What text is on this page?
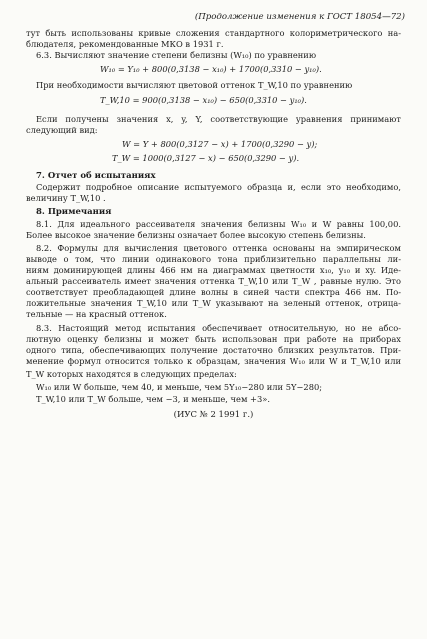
(Продолжение изменения к ГОСТ 18054—72)
тут быть использованы кривые сложения стандартного колориметрического на-
блюдателя, рекомендованные МКО в 1931 г.
6.3. Вычисляют значение степени белизны (W₁₀) по уравнению
W₁₀ = Y₁₀ + 800(0,3138 − x₁₀) + 1700(0,3310 − y₁₀).
При необходимости вычисляют цветовой оттенок T_W,10 по уравнению
T_W,10 = 900(0,3138 − x₁₀) − 650(0,3310 − y₁₀).
Если получены значения x, y, Y, соответствующие уравнения принимают
следующий вид:
W = Y + 800(0,3127 − x) + 1700(0,3290 − y);
T_W = 1000(0,3127 − x) − 650(0,3290 − y).
7. Отчет об испытаниях
Содержит подробное описание испытуемого образца и, если это необходимо,
величину T_W,10 .
8. Примечания
8.1. Для идеального рассеивателя значения белизны W₁₀ и W равны 100,00.
Более высокое значение белизны означает более высокую степень белизны.
8.2. Формулы для вычисления цветового оттенка основаны на эмпирическом
выводе о том, что линии одинакового тона приблизительно параллельны ли-
ниям доминирующей длины 466 нм на диаграммах цветности x₁₀, y₁₀ и xy. Иде-
альный рассеиватель имеет значения оттенка T_W,10 или T_W , равные нулю. Это
соответствует преобладающей длине волны в синей части спектра 466 нм. По-
ложительные значения T_W,10 или T_W указывают на зеленый оттенок, отрица-
тельные — на красный оттенок.
8.3. Настоящий метод испытания обеспечивает относительную, но не абсо-
лютную оценку белизны и может быть использован при работе на приборах
одного типа, обеспечивающих получение достаточно близких результатов. При-
менение формул относится только к образцам, значения W₁₀ или W и T_W,10 или
T_W которых находятся в следующих пределах:
W₁₀ или W больше, чем 40, и меньше, чем 5Y₁₀−280 или 5Y−280;
T_W,10 или T_W больше, чем −3, и меньше, чем +3».
(ИУС № 2 1991 г.)
